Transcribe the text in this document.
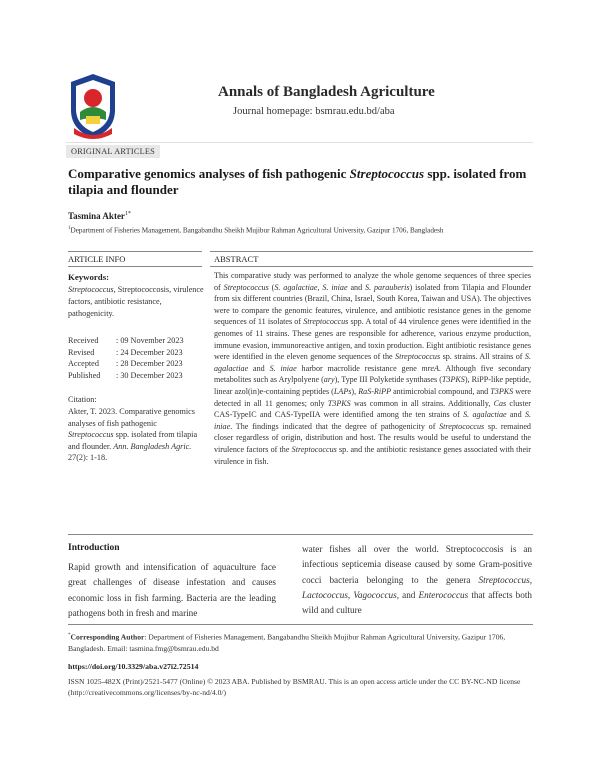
Annals of Bangladesh Agriculture
Journal homepage: bsmrau.edu.bd/aba
ORIGINAL ARTICLES
Comparative genomics analyses of fish pathogenic Streptococcus spp. isolated from tilapia and flounder
Tasmina Akter$^{1*}$
$^1$Department of Fisheries Management, Bangabandhu Sheikh Mujibur Rahman Agricultural University, Gazipur 1706, Bangladesh
ARTICLE INFO	ABSTRACT
Keywords:
Streptococcus, Streptococcosis, virulence factors, antibiotic resistance, pathogenicity.
Received	: 09 November 2023
Revised	: 24 December 2023
Accepted	: 28 December 2023
Published	: 30 December 2023
Citation:
Akter, T. 2023. Comparative genomics analyses of fish pathogenic Streptococcus spp. isolated from tilapia and flounder. Ann. Bangladesh Agric. 27(2): 1-18.
This comparative study was performed to analyze the whole genome sequences of three species of Streptococcus (S. agalactiae, S. iniae and S. parauberis) isolated from Tilapia and Flounder from six different countries (Brazil, China, Israel, South Korea, Taiwan and USA). The objectives were to compare the genomic features, virulence, and antibiotic resistance genes in the genome sequences of 11 isolates of Streptococcus spp. A total of 44 virulence genes were identified in the genomes of 11 strains. These genes are responsible for adherence, various enzyme production, immune evasion, immunoreactive antigen, and toxin production. Eight antibiotic resistance genes were identified in the eleven genome sequences of the Streptococcus sp. strains. All strains of S. agalactiae and S. iniae harbor macrolide resistance gene mreA. Although five secondary metabolites such as Arylpolyene (ary), Type III Polyketide synthases (T3PKS), RiPP-like peptide, linear azol(in)e-containing peptides (LAPs), RaS-RiPP antimicrobial compound, and T3PKS were detected in all 11 genomes; only T3PKS was common in all strains. Additionally, Cas cluster CAS-TypeIC and CAS-TypeIIA were identified among the ten strains of S. agalactiae and S. iniae. The findings indicated that the degree of pathogenicity of Streptococcus sp. remained closer regardless of origin, distribution and host. The results would be useful to understand the virulence factors of the Streptococcus sp. and the antibiotic resistance genes associated with their virulence in fish.
Introduction
Rapid growth and intensification of aquaculture face great challenges of disease infestation and causes economic loss in fish farming. Bacteria are the leading pathogens both in fresh and marine
water fishes all over the world. Streptococcosis is an infectious septicemia disease caused by some Gram-positive cocci bacteria belonging to the genera Streptococcus, Lactococcus, Vagococcus, and Enterococcus that affects both wild and culture
*Corresponding Author: Department of Fisheries Management, Bangabandhu Sheikh Mujibur Rahman Agricultural University, Gazipur 1706, Bangladesh. Email: tasmina.fmg@bsmrau.edu.bd
https://doi.org/10.3329/aba.v27i2.72514
ISSN 1025-482X (Print)/2521-5477 (Online) © 2023 ABA. Published by BSMRAU. This is an open access article under the CC BY-NC-ND license (http://creativecommons.org/licenses/by-nc-nd/4.0/)
